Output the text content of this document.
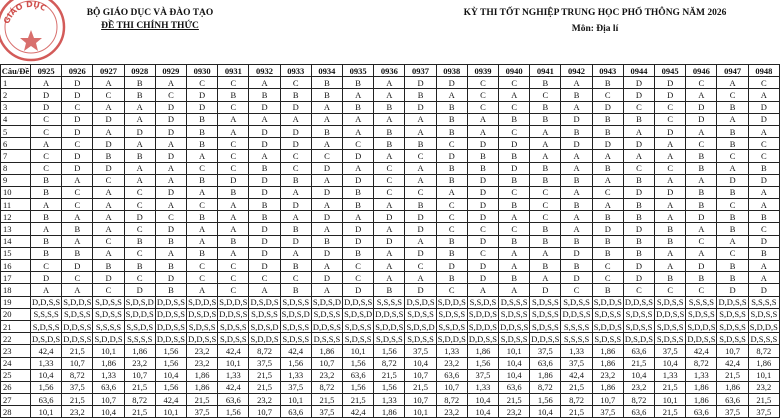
BỘ GIÁO DỤC VÀ ĐÀO TẠO
ĐỀ THI CHÍNH THỨC
GIÁO DỤC
KỲ THI TỐT NGHIỆP TRUNG HỌC PHỔ THÔNG NĂM 2026
Môn: Địa lí
Câu/Đề	0925	0926	0927	0928	0929	0930	0931	0932	0933	0934	0935	0936	0937	0938	0939	0940	0941	0942	0943	0944	0945	0946	0947	0948
1	A	D	A	B	A	C	C	A	C	B	B	A	D	D	C	C	B	A	B	D	D	C	A	C
2	D	D	C	B	C	D	B	B	B	B	A	A	B	A	C	A	C	B	C	D	D	A	C	A
3	D	C	A	A	D	D	C	D	D	A	B	B	D	B	C	C	B	A	D	C	C	D	B	D
4	C	D	D	A	D	B	A	A	A	A	A	A	A	B	A	B	B	D	B	B	C	D	A	D
5	C	D	A	D	D	B	A	D	D	B	A	B	A	B	A	C	A	B	B	A	D	A	B	A
6	A	C	D	A	A	B	C	D	D	A	C	B	B	C	D	D	A	D	D	D	A	C	B	C
7	C	D	B	B	D	A	C	A	C	C	D	A	C	D	B	B	A	A	A	A	A	B	C	C
8	C	D	D	A	A	C	C	B	C	D	A	C	A	B	B	D	B	A	B	C	C	B	A	B
9	B	A	C	A	A	B	D	D	B	A	D	C	A	B	D	B	B	B	A	B	A	A	D	D
10	B	C	A	C	D	A	B	D	A	D	B	C	C	A	D	C	C	A	C	D	D	B	B	A
11	A	C	A	C	A	C	A	B	D	A	B	A	B	C	D	B	C	B	A	B	A	B	C	A
12	B	A	A	D	C	B	A	B	A	D	A	D	D	C	D	A	C	A	B	B	A	D	B	B
13	A	B	A	C	D	A	A	D	B	A	D	A	D	C	C	C	B	A	D	D	B	A	B	C
14	B	A	C	B	B	A	B	D	D	B	D	D	A	B	D	B	B	B	B	B	B	C	A	D
15	B	B	A	C	A	B	A	D	A	D	B	A	D	B	C	A	A	D	B	B	A	A	C	B
16	C	D	B	B	B	C	C	D	B	A	C	A	C	D	D	A	B	B	C	D	A	D	B	A
17	D	C	D	C	D	C	C	C	C	D	C	A	A	B	D	B	A	D	C	D	B	B	B	A
18	A	A	C	D	B	A	C	A	B	A	D	B	D	C	A	A	D	C	B	C	C	C	D	D
19	D,D,S,S	S,D,D,S	S,D,S,S	S,D,S,D	D,D,S,S	S,D,D,S	S,D,D,S	D,S,D,S	S,D,S,S	S,D,S,D	D,D,S,S	S,S,S,S	D,S,D,S	S,D,D,S	S,S,D,S	D,S,S,S	S,D,S,S	S,D,S,S	S,D,D,S	D,D,S,S	S,D,S,S	S,S,S,S	D,D,S,S	S,S,S,S
20	S,S,S,S	S,D,S,S	S,D,S,S	S,D,D,S	D,D,S,S	D,S,D,S	D,D,S,S	S,D,S,S	S,D,S,D	S,D,S,S	S,D,S,D	D,D,S,S	S,D,S,S	S,D,S,S	S,D,D,S	S,D,S,S	S,D,S,S	D,D,S,S	S,D,S,S	S,D,S,S	D,D,S,S	S,D,S,S	S,D,S,S	S,D,S,S
21	S,D,S,S	D,D,S,S	S,S,S,S	S,S,D,S	D,D,S,S	S,D,S,S	S,D,S,S	S,D,S,D	S,D,S,S	D,D,S,S	S,D,S,S	S,D,D,S	S,D,S,D	S,S,D,S	S,D,D,S	D,D,S,S	S,D,S,S	S,S,S,S	S,D,D,S	S,D,S,S	S,D,S,S	S,D,D,S	S,D,S,S	S,D,D,S
22	D,S,D,S	D,D,S,S	S,D,D,S	S,S,S,S	D,D,S,S	D,D,S,S	S,D,S,S	S,D,D,S	S,D,S,S	D,S,S,S	S,D,S,S	S,D,S,S	S,D,S,S	S,D,D,S	D,D,S,S	S,D,S,S	D,D,S,S	S,S,S,S	S,D,S,S	D,S,D,S	S,D,S,S	D,D,S,S	S,D,S,S	D,S,S,S
23	42,4	21,5	10,1	1,86	1,56	23,2	42,4	8,72	42,4	1,86	10,1	1,56	37,5	1,33	1,86	10,1	37,5	1,33	1,86	63,6	37,5	42,4	10,7	8,72
24	1,33	10,7	1,86	23,2	1,56	23,2	10,1	37,5	1,56	10,7	1,56	8,72	10,4	23,2	1,56	10,4	63,6	37,5	1,86	21,5	10,4	8,72	42,4	1,86
25	10,4	8,72	1,33	10,7	10,4	1,86	1,33	21,5	1,33	23,2	63,6	21,5	10,7	63,6	37,5	10,4	1,86	42,4	23,2	10,4	1,33	1,33	21,5	10,1
26	1,56	37,5	63,6	21,5	1,56	1,86	42,4	21,5	37,5	8,72	1,56	1,56	21,5	10,7	1,33	63,6	8,72	21,5	1,86	23,2	21,5	1,86	1,86	23,2
27	63,6	21,5	10,7	8,72	42,4	21,5	63,6	23,2	10,1	21,5	21,5	1,33	10,7	8,72	10,4	21,5	1,56	8,72	10,7	8,72	10,1	1,86	63,6	21,5
28	10,1	23,2	10,4	21,5	10,1	37,5	1,56	10,7	63,6	37,5	42,4	1,86	10,1	23,2	10,4	23,2	10,4	21,5	37,5	63,6	21,5	63,6	37,5	37,5
